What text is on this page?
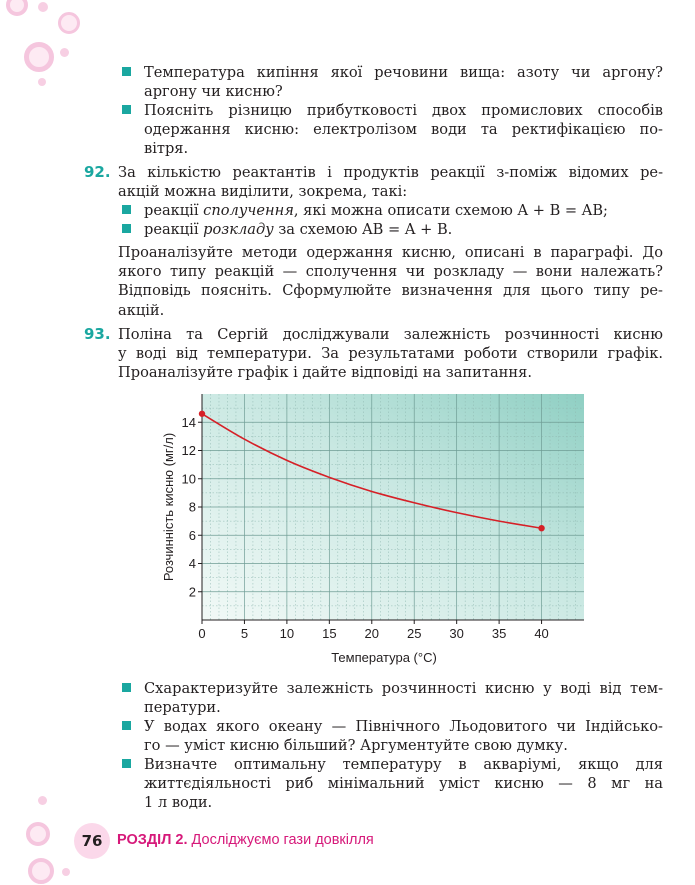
Температура кипіння якої речовини вища: азоту чи аргону?
аргону чи кисню?
Поясніть різницю прибутковості двох промислових способів
одержання кисню: електролізом води та ректифікацією по-
вітря.
92. За кількістю реактантів і продуктів реакції з-поміж відомих ре-
акцій можна виділити, зокрема, такі:
реакції сполучення, які можна описати схемою A + B = AB;
реакції розкладу за схемою AB = A + B.
Проаналізуйте методи одержання кисню, описані в параграфі. До
якого типу реакцій — сполучення чи розкладу — вони належать?
Відповідь поясніть. Сформулюйте визначення для цього типу ре-
акцій.
93. Поліна та Сергій досліджували залежність розчинності кисню
у воді від температури. За результатами роботи створили графік.
Проаналізуйте графік і дайте відповіді на запитання.
2
4
6
8
10
12
14
0	5 10 15 20 25 30 35 40
Температура (°C)
Розчинність кисню (мг/л)
Схарактеризуйте залежність розчинності кисню у воді від тем-
ператури.
У водах якого океану — Північного Льодовитого чи Індійсько-
го — уміст кисню більший? Аргументуйте свою думку.
Визначте оптимальну температуру в акваріумі, якщо для
життєдіяльності риб мінімальний уміст кисню — 8 мг на
1 л води.
76 РОЗДІЛ 2. Досліджуємо гази довкілля
